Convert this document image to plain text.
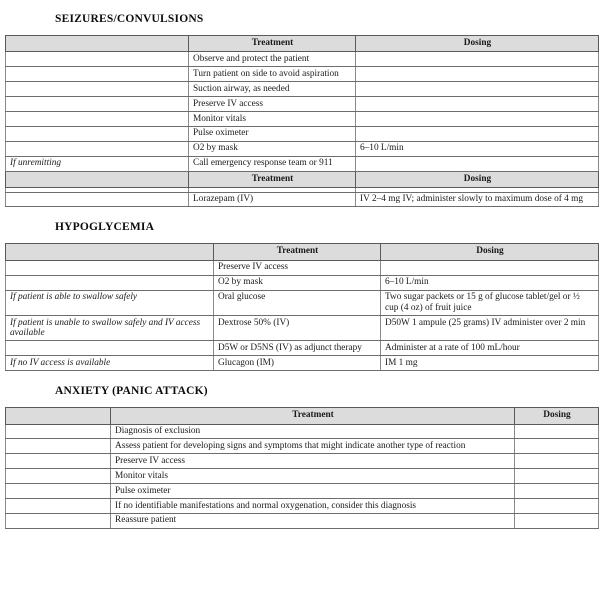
SEIZURES/CONVULSIONS
	Treatment	Dosing
	Observe and protect the patient	
	Turn patient on side to avoid aspiration	
	Suction airway, as needed	
	Preserve IV access	
	Monitor vitals	
	Pulse oximeter	
	O2 by mask	6–10 L/min
If unremitting	Call emergency response team or 911	
	Treatment	Dosing

	Lorazepam (IV)	IV 2–4 mg IV; administer slowly to maximum dose of 4 mg
HYPOGLYCEMIA
	Treatment	Dosing
	Preserve IV access	
	O2 by mask	6–10 L/min
If patient is able to swallow safely	Oral glucose	Two sugar packets or 15 g of glucose tablet/gel or ½ cup (4 oz) of fruit juice
If patient is unable to swallow safely and IV access available	Dextrose 50% (IV)	D50W 1 ampule (25 grams) IV administer over 2 min
	D5W or D5NS (IV) as adjunct therapy	Administer at a rate of 100 mL/hour
If no IV access is available	Glucagon (IM)	IM 1 mg
ANXIETY (PANIC ATTACK)
	Treatment	Dosing
	Diagnosis of exclusion	
	Assess patient for developing signs and symptoms that might indicate another type of reaction	
	Preserve IV access	
	Monitor vitals	
	Pulse oximeter	
	If no identifiable manifestations and normal oxygenation, consider this diagnosis	
	Reassure patient	
